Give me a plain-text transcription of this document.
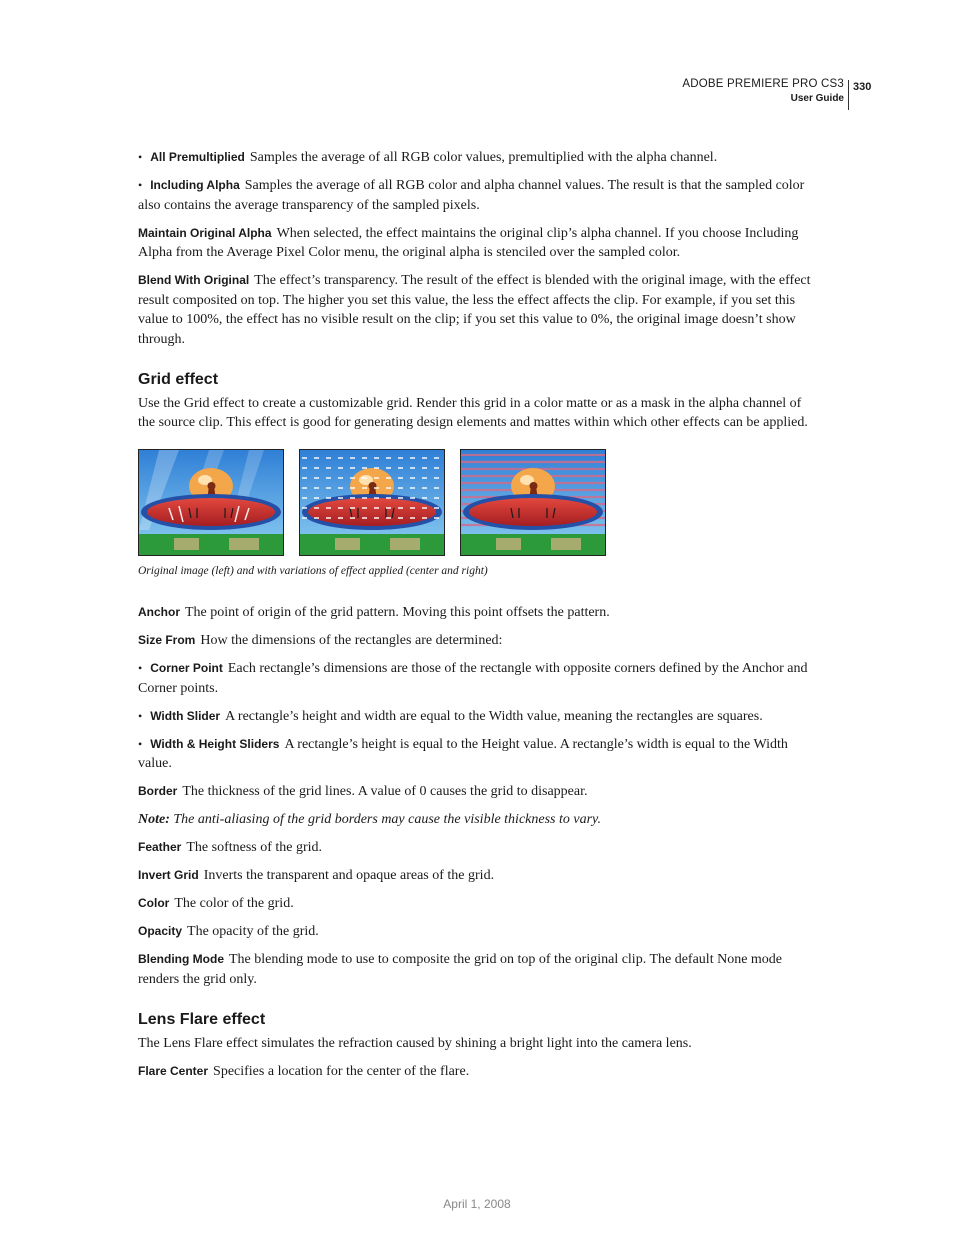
ADOBE PREMIERE PRO CS3
User Guide
330

• All Premultiplied Samples the average of all RGB color values, premultiplied with the alpha channel.

• Including Alpha Samples the average of all RGB color and alpha channel values. The result is that the sampled color also contains the average transparency of the sampled pixels.

Maintain Original Alpha When selected, the effect maintains the original clip’s alpha channel. If you choose Including Alpha from the Average Pixel Color menu, the original alpha is stenciled over the sampled color.

Blend With Original The effect’s transparency. The result of the effect is blended with the original image, with the effect result composited on top. The higher you set this value, the less the effect affects the clip. For example, if you set this value to 100%, the effect has no visible result on the clip; if you set this value to 0%, the original image doesn’t show through.

Grid effect

Use the Grid effect to create a customizable grid. Render this grid in a color matte or as a mask in the alpha channel of the source clip. This effect is good for generating design elements and mattes within which other effects can be applied.

Original image (left) and with variations of effect applied (center and right)

Anchor The point of origin of the grid pattern. Moving this point offsets the pattern.

Size From How the dimensions of the rectangles are determined:

• Corner Point Each rectangle’s dimensions are those of the rectangle with opposite corners defined by the Anchor and Corner points.

• Width Slider A rectangle’s height and width are equal to the Width value, meaning the rectangles are squares.

• Width & Height Sliders A rectangle’s height is equal to the Height value. A rectangle’s width is equal to the Width value.

Border The thickness of the grid lines. A value of 0 causes the grid to disappear.

Note: The anti-aliasing of the grid borders may cause the visible thickness to vary.

Feather The softness of the grid.

Invert Grid Inverts the transparent and opaque areas of the grid.

Color The color of the grid.

Opacity The opacity of the grid.

Blending Mode The blending mode to use to composite the grid on top of the original clip. The default None mode renders the grid only.

Lens Flare effect

The Lens Flare effect simulates the refraction caused by shining a bright light into the camera lens.

Flare Center Specifies a location for the center of the flare.

April 1, 2008
